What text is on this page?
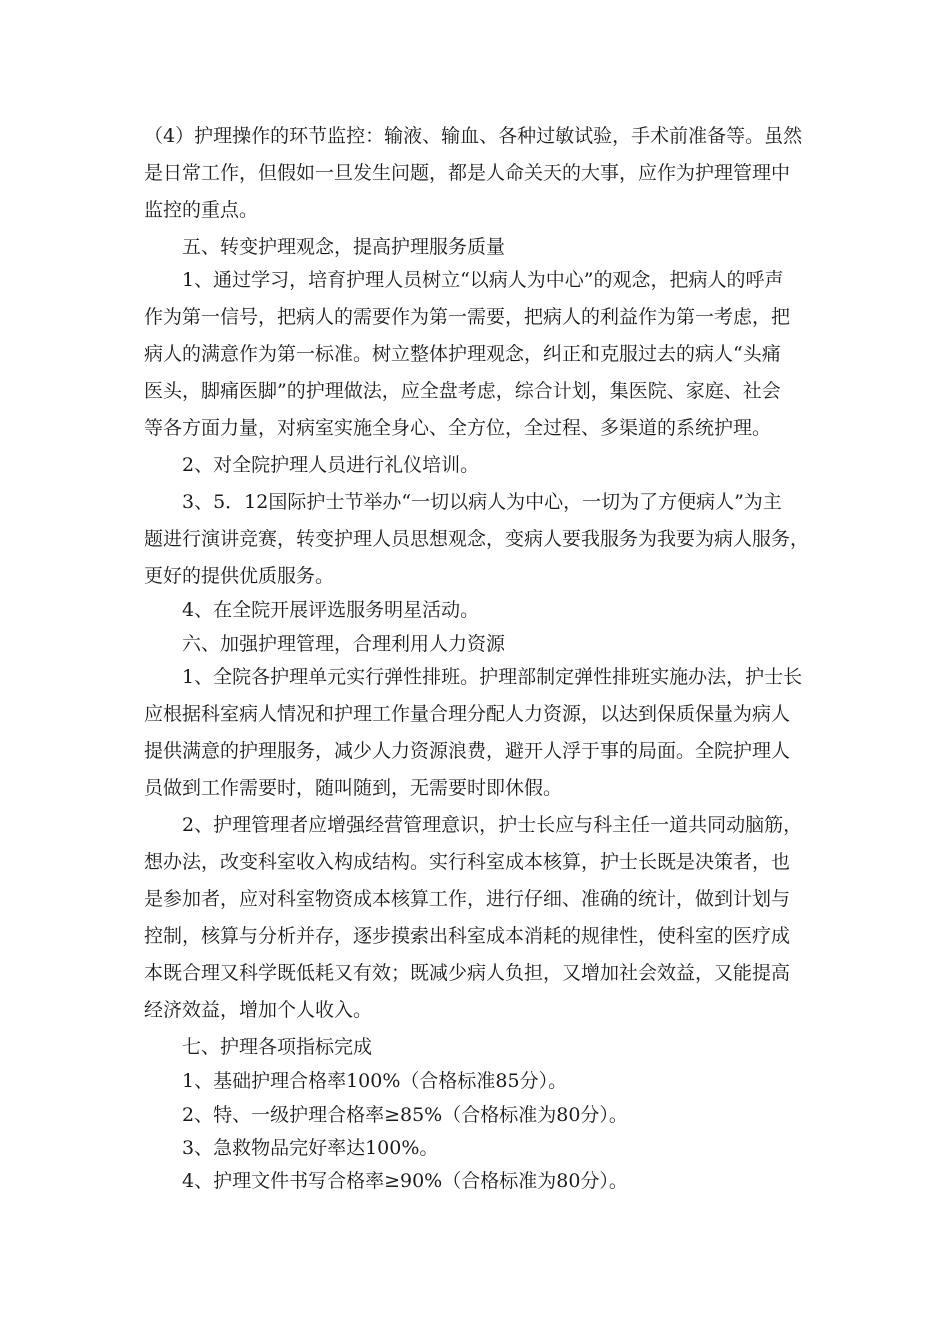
（4）护理操作的环节监控：输液、输血、各种过敏试验，手术前准备等。虽然
是日常工作，但假如一旦发生问题，都是人命关天的大事，应作为护理管理中
监控的重点。
五、转变护理观念，提高护理服务质量
1、通过学习，培育护理人员树立“以病人为中心”的观念，把病人的呼声
作为第一信号，把病人的需要作为第一需要，把病人的利益作为第一考虑，把
病人的满意作为第一标准。树立整体护理观念，纠正和克服过去的病人“头痛
医头，脚痛医脚”的护理做法，应全盘考虑，综合计划，集医院、家庭、社会
等各方面力量，对病室实施全身心、全方位，全过程、多渠道的系统护理。
2、对全院护理人员进行礼仪培训。
3、5．12国际护士节举办“一切以病人为中心，一切为了方便病人”为主
题进行演讲竞赛，转变护理人员思想观念，变病人要我服务为我要为病人服务，
更好的提供优质服务。
4、在全院开展评选服务明星活动。
六、加强护理管理，合理利用人力资源
1、全院各护理单元实行弹性排班。护理部制定弹性排班实施办法，护士长
应根据科室病人情况和护理工作量合理分配人力资源，以达到保质保量为病人
提供满意的护理服务，减少人力资源浪费，避开人浮于事的局面。全院护理人
员做到工作需要时，随叫随到，无需要时即休假。
2、护理管理者应增强经营管理意识，护士长应与科主任一道共同动脑筋，
想办法，改变科室收入构成结构。实行科室成本核算，护士长既是决策者，也
是参加者，应对科室物资成本核算工作，进行仔细、准确的统计，做到计划与
控制，核算与分析并存，逐步摸索出科室成本消耗的规律性，使科室的医疗成
本既合理又科学既低耗又有效；既减少病人负担，又增加社会效益，又能提高
经济效益，增加个人收入。
七、护理各项指标完成
1、基础护理合格率100%（合格标准85分）。
2、特、一级护理合格率≥85%（合格标准为80分）。
3、急救物品完好率达100%。
4、护理文件书写合格率≥90%（合格标准为80分）。
